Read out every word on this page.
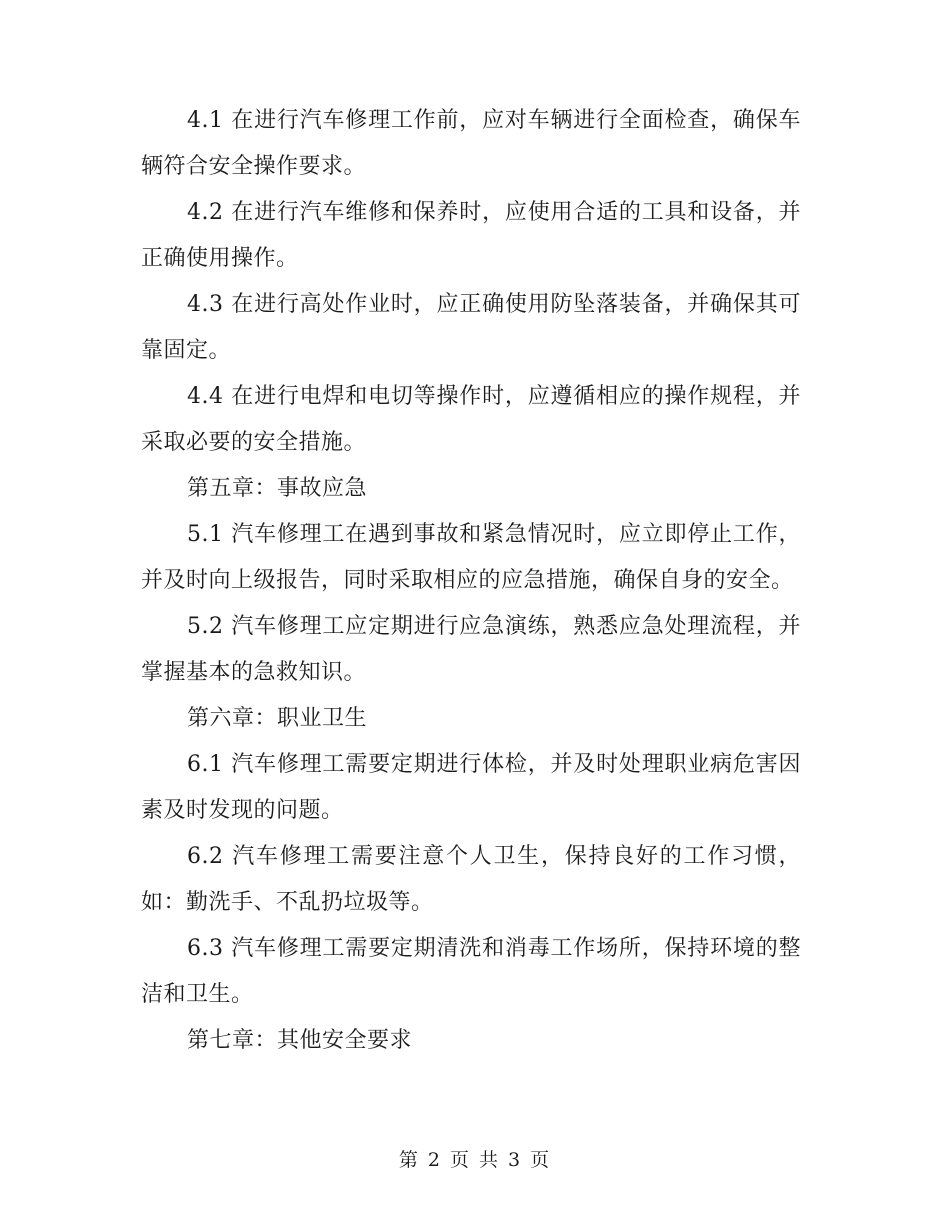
4.1 在进行汽车修理工作前，应对车辆进行全面检查，确保车辆符合安全操作要求。

4.2 在进行汽车维修和保养时，应使用合适的工具和设备，并正确使用操作。

4.3 在进行高处作业时，应正确使用防坠落装备，并确保其可靠固定。

4.4 在进行电焊和电切等操作时，应遵循相应的操作规程，并采取必要的安全措施。

第五章：事故应急

5.1 汽车修理工在遇到事故和紧急情况时，应立即停止工作，并及时向上级报告，同时采取相应的应急措施，确保自身的安全。

5.2 汽车修理工应定期进行应急演练，熟悉应急处理流程，并掌握基本的急救知识。

第六章：职业卫生

6.1 汽车修理工需要定期进行体检，并及时处理职业病危害因素及时发现的问题。

6.2 汽车修理工需要注意个人卫生，保持良好的工作习惯，如：勤洗手、不乱扔垃圾等。

6.3 汽车修理工需要定期清洗和消毒工作场所，保持环境的整洁和卫生。

第七章：其他安全要求

第 2 页 共 3 页
